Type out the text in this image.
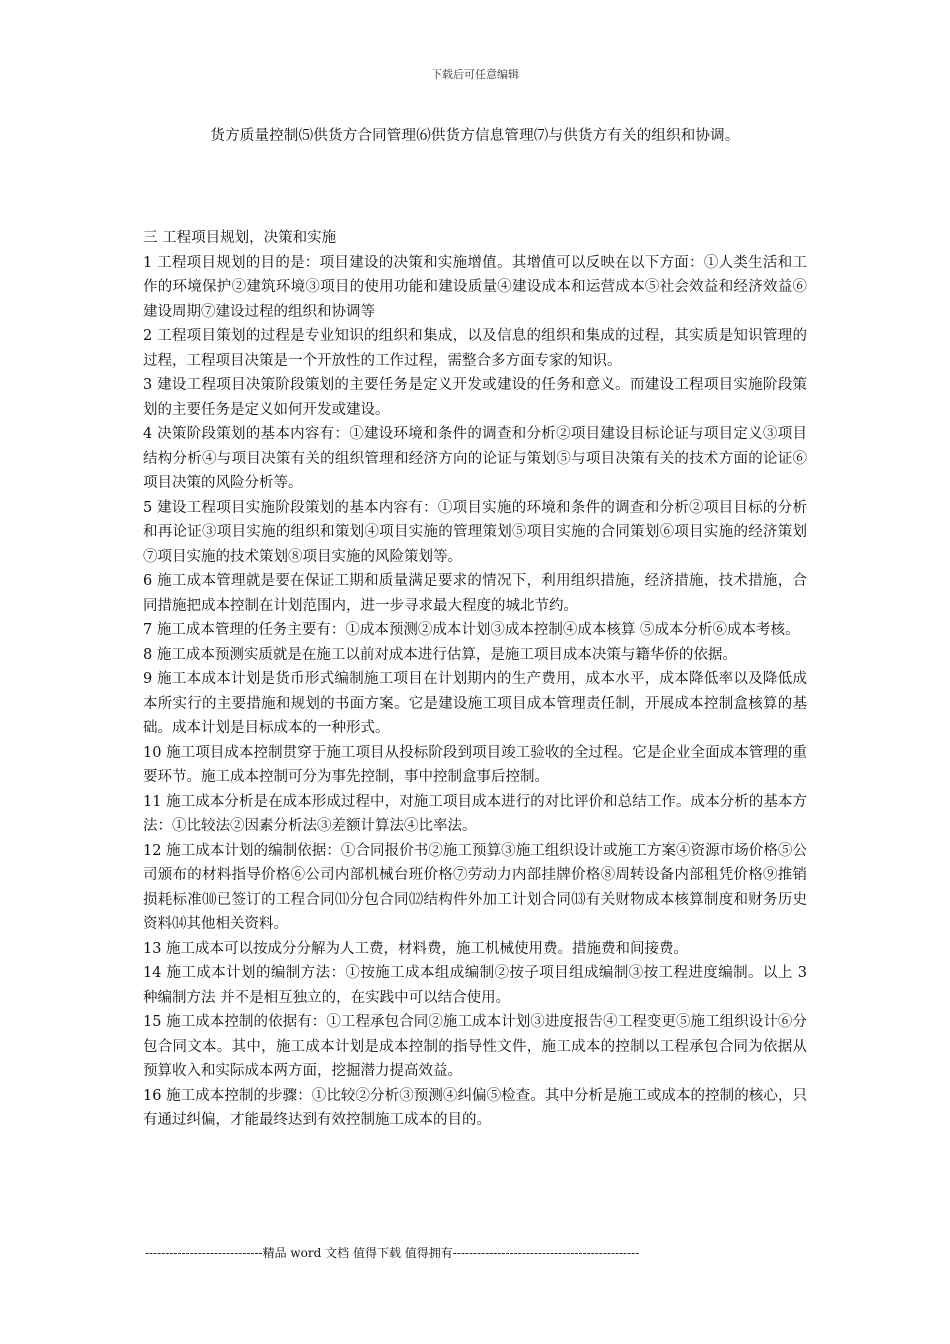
下载后可任意编辑
货方质量控制⑸供货方合同管理⑹供货方信息管理⑺与供货方有关的组织和协调。

三 工程项目规划，决策和实施

1 工程项目规划的目的是：项目建设的决策和实施增值。其增值可以反映在以下方面：①人类生活和工作的环境保护②建筑环境③项目的使用功能和建设质量④建设成本和运营成本⑤社会效益和经济效益⑥建设周期⑦建设过程的组织和协调等

2 工程项目策划的过程是专业知识的组织和集成，以及信息的组织和集成的过程，其实质是知识管理的过程，工程项目决策是一个开放性的工作过程，需整合多方面专家的知识。

3 建设工程项目决策阶段策划的主要任务是定义开发或建设的任务和意义。而建设工程项目实施阶段策划的主要任务是定义如何开发或建设。

4 决策阶段策划的基本内容有：①建设环境和条件的调查和分析②项目建设目标论证与项目定义③项目结构分析④与项目决策有关的组织管理和经济方向的论证与策划⑤与项目决策有关的技术方面的论证⑥项目决策的风险分析等。

5 建设工程项目实施阶段策划的基本内容有：①项目实施的环境和条件的调查和分析②项目目标的分析和再论证③项目实施的组织和策划④项目实施的管理策划⑤项目实施的合同策划⑥项目实施的经济策划⑦项目实施的技术策划⑧项目实施的风险策划等。

6 施工成本管理就是要在保证工期和质量满足要求的情况下，利用组织措施，经济措施，技术措施，合同措施把成本控制在计划范围内，进一步寻求最大程度的城北节约。

7 施工成本管理的任务主要有：①成本预测②成本计划③成本控制④成本核算 ⑤成本分析⑥成本考核。

8 施工成本预测实质就是在施工以前对成本进行估算，是施工项目成本决策与籍华侨的依据。

9 施工本成本计划是货币形式编制施工项目在计划期内的生产费用，成本水平，成本降低率以及降低成本所实行的主要措施和规划的书面方案。它是建设施工项目成本管理责任制，开展成本控制盒核算的基础。成本计划是目标成本的一种形式。

10 施工项目成本控制贯穿于施工项目从投标阶段到项目竣工验收的全过程。它是企业全面成本管理的重要环节。施工成本控制可分为事先控制，事中控制盒事后控制。

11 施工成本分析是在成本形成过程中，对施工项目成本进行的对比评价和总结工作。成本分析的基本方法：①比较法②因素分析法③差额计算法④比率法。

12 施工成本计划的编制依据：①合同报价书②施工预算③施工组织设计或施工方案④资源市场价格⑤公司颁布的材料指导价格⑥公司内部机械台班价格⑦劳动力内部挂牌价格⑧周转设备内部租凭价格⑨推销损耗标准⑽已签订的工程合同⑾分包合同⑿结构件外加工计划合同⒀有关财物成本核算制度和财务历史资料⒁其他相关资料。

13 施工成本可以按成分分解为人工费，材料费，施工机械使用费。措施费和间接费。

14 施工成本计划的编制方法：①按施工成本组成编制②按子项目组成编制③按工程进度编制。以上 3 种编制方法 并不是相互独立的，在实践中可以结合使用。

15 施工成本控制的依据有：①工程承包合同②施工成本计划③进度报告④工程变更⑤施工组织设计⑥分包合同文本。其中，施工成本计划是成本控制的指导性文件，施工成本的控制以工程承包合同为依据从预算收入和实际成本两方面，挖掘潜力提高效益。

16 施工成本控制的步骤：①比较②分析③预测④纠偏⑤检查。其中分析是施工或成本的控制的核心，只有通过纠偏，才能最终达到有效控制施工成本的目的。

-----------------------------精品 word 文档 值得下载 值得拥有----------------------------------------------
